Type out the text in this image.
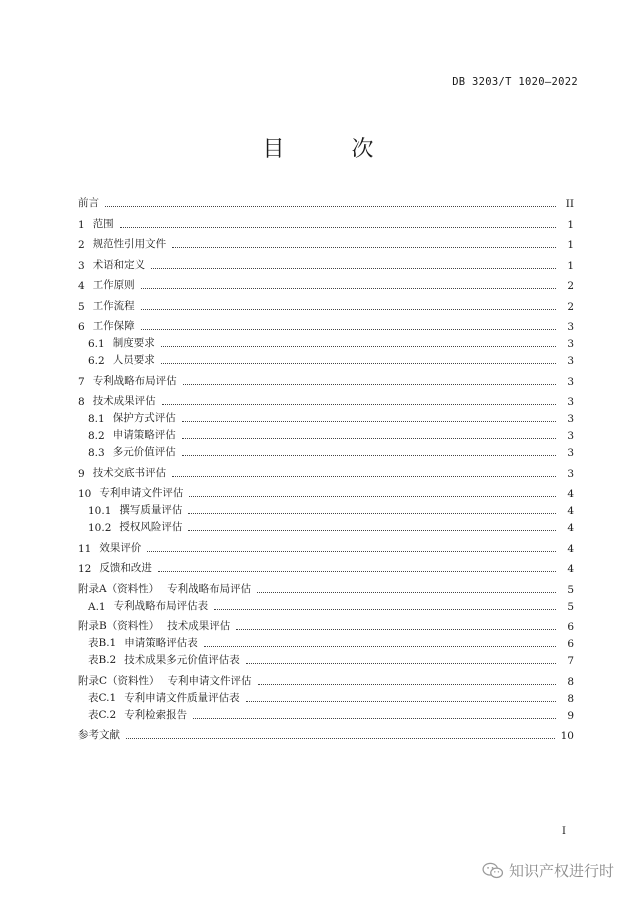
DB 3203/T 1020—2022
目 次
前言	II
1 范围	1
2 规范性引用文件	1
3 术语和定义	1
4 工作原则	2
5 工作流程	2
6 工作保障	3
6.1 制度要求	3
6.2 人员要求	3
7 专利战略布局评估	3
8 技术成果评估	3
8.1 保护方式评估	3
8.2 申请策略评估	3
8.3 多元价值评估	3
9 技术交底书评估	3
10 专利申请文件评估	4
10.1 撰写质量评估	4
10.2 授权风险评估	4
11 效果评价	4
12 反馈和改进	4
附录A（资料性） 专利战略布局评估	5
A.1 专利战略布局评估表	5
附录B（资料性） 技术成果评估	6
表B.1 申请策略评估表	6
表B.2 技术成果多元价值评估表	7
附录C（资料性） 专利申请文件评估	8
表C.1 专利申请文件质量评估表	8
表C.2 专利检索报告	9
参考文献	10
I
知识产权进行时
